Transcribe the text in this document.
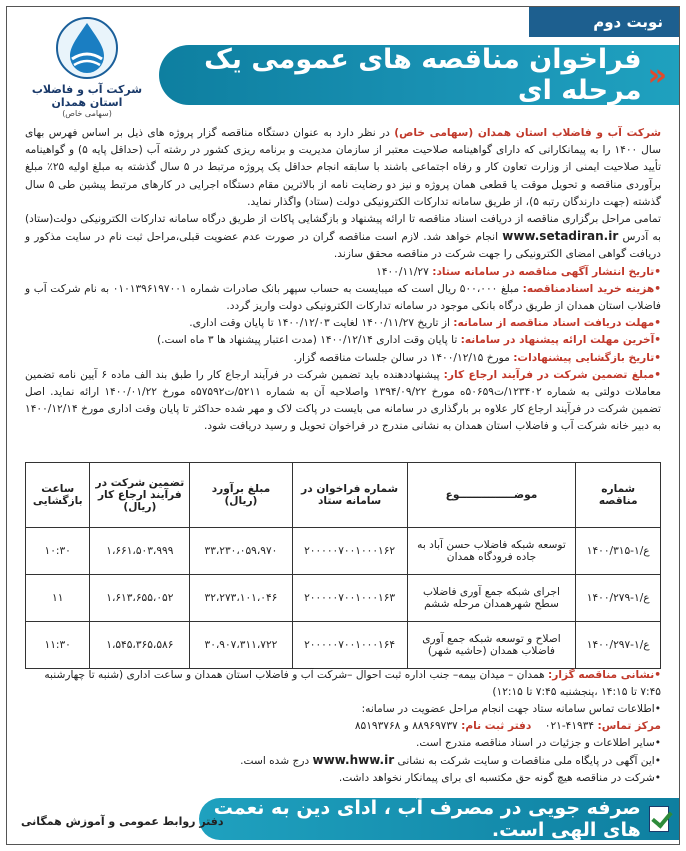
نوبت دوم
شرکت آب و فاضلاب استان همدان
(سهامی خاص)
«
فراخوان مناقصه های عمومی یک مرحله ای

شرکت آب و فاضلاب استان همدان (سهامی خاص) در نظر دارد به عنوان دستگاه مناقصه گزار پروژه های ذیل بر اساس فهرس بهای سال ۱۴۰۰ را به پیمانکارانی که دارای گواهینامه صلاحیت معتبر از سازمان مدیریت و برنامه ریزی کشور در رشته آب (حداقل پایه ۵) و گواهینامه تأیید صلاحیت ایمنی از وزارت تعاون کار و رفاه اجتماعی باشند با سابقه انجام حداقل یک پروژه مرتبط در ۵ سال گذشته به مبلغ اولیه ۲۵٪ مبلغ برآوردی مناقصه و تحویل موقت یا قطعی همان پروژه و نیز دو رضایت نامه از بالاترین مقام دستگاه اجرایی در کارهای مرتبط پیشین طی ۵ سال گذشته (جهت دارندگان رتبه ۵)، از طریق سامانه تدارکات الکترونیکی دولت (ستاد) واگذار نماید.

تمامی مراحل برگزاری مناقصه از دریافت اسناد مناقصه تا ارائه پیشنهاد و بازگشایی پاکات از طریق درگاه سامانه تدارکات الکترونیکی دولت(ستاد) به آدرس www.setadiran.ir انجام خواهد شد. لازم است مناقصه گران در صورت عدم عضویت قبلی،مراحل ثبت نام در سایت مذکور و دریافت گواهی امضای الکترونیکی را جهت شرکت در مناقصه محقق سازند.

•تاریخ انتشار آگهی مناقصه در سامانه ستاد: ۱۴۰۰/۱۱/۲۷

•هزینه خرید اسنادمناقصه: مبلغ ۵۰۰،۰۰۰ ریال است که میبایست به حساب سپهر بانک صادرات شماره ۰۱۰۱۳۹۶۱۹۷۰۰۱ به نام شرکت آب و فاضلاب استان همدان از طریق درگاه بانکی موجود در سامانه تدارکات الکترونیکی دولت واریز گردد.

•مهلت دریافت اسناد مناقصه از سامانه: از تاریخ ۱۴۰۰/۱۱/۲۷ لغایت ۱۴۰۰/۱۲/۰۳ تا پایان وقت اداری.

•آخرین مهلت ارائه پیشنهاد در سامانه: تا پایان وقت اداری ۱۴۰۰/۱۲/۱۴ (مدت اعتبار پیشنهاد ها ۳ ماه است.)

•تاریخ بازگشایی پیشنهادات: مورخ ۱۴۰۰/۱۲/۱۵ در سالن جلسات مناقصه گزار.

•مبلغ تضمین شرکت در فرآیند ارجاع کار: پیشنهاددهنده باید تضمین شرکت در فرآیند ارجاع کار را طبق بند الف ماده ۶ آیین نامه تضمین معاملات دولتی به شماره ۱۲۳۴۰۲/ت۵۰۶۵۹ه مورخ ۱۳۹۴/۰۹/۲۲ واصلاحیه آن به شماره ۵۲۱۱/ت۵۷۵۹۲ه مورخ ۱۴۰۰/۰۱/۲۲ ارائه نماید. اصل تضمین شرکت در فرآیند ارجاع کار علاوه بر بارگذاری در سامانه می بایست در پاکت لاک و مهر شده حداکثر تا پایان وقت اداری مورخ ۱۴۰۰/۱۲/۱۴ به دبیر خانه شرکت آب و فاضلاب استان همدان به نشانی مندرج در فراخوان تحویل و رسید دریافت شود.

شماره مناقصه	موضـــــــــــــــوع	شماره فراخوان در سامانه ستاد	مبلغ برآورد (ریال)	تضمین شرکت در فرآیند ارجاع کار (ریال)	ساعت بازگشایی
ع/۱-۱۴۰۰/۳۱۵	توسعه شبکه فاضلاب حسن آباد به جاده فرودگاه همدان	۲۰۰۰۰۰۷۰۰۱۰۰۰۱۶۲	۳۳،۲۳۰،۰۵۹،۹۷۰	۱،۶۶۱،۵۰۳،۹۹۹	۱۰:۳۰
ع/۱-۱۴۰۰/۲۷۹	اجرای شبکه جمع آوری فاضلاب سطح شهرهمدان مرحله ششم	۲۰۰۰۰۰۷۰۰۱۰۰۰۱۶۳	۳۲،۲۷۳،۱۰۱،۰۴۶	۱،۶۱۳،۶۵۵،۰۵۲	۱۱
ع/۱-۱۴۰۰/۲۹۷	اصلاح و توسعه شبکه جمع آوری فاضلاب همدان (حاشیه شهر)	۲۰۰۰۰۰۷۰۰۱۰۰۰۱۶۴	۳۰،۹۰۷،۳۱۱،۷۲۲	۱،۵۴۵،۳۶۵،۵۸۶	۱۱:۳۰

•نشانی مناقصه گزار: همدان – میدان بیمه– جنب اداره ثبت احوال –شرکت آب و فاضلاب استان همدان و ساعت اداری (شنبه تا چهارشنبه ۷:۴۵ تا ۱۴:۱۵ ،پنجشنبه ۷:۴۵ تا ۱۲:۱۵)

•اطلاعات تماس سامانه ستاد جهت انجام مراحل عضویت در سامانه:

مرکز تماس: ۴۱۹۳۴-۰۲۱    دفتر ثبت نام: ۸۸۹۶۹۷۳۷ و ۸۵۱۹۳۷۶۸

•سایر اطلاعات و جزئیات در اسناد مناقصه مندرج است.

•این آگهی در پایگاه ملی مناقصات و سایت شرکت به نشانی www.hww.ir درج شده است.

•شرکت در مناقصه هیچ گونه حق مکتسبه ای برای پیمانکار نخواهد داشت.

صرفه جویی در مصرف آب ، ادای دین به نعمت های الهی است.
دفتر روابط عمومی و آموزش همگانی
